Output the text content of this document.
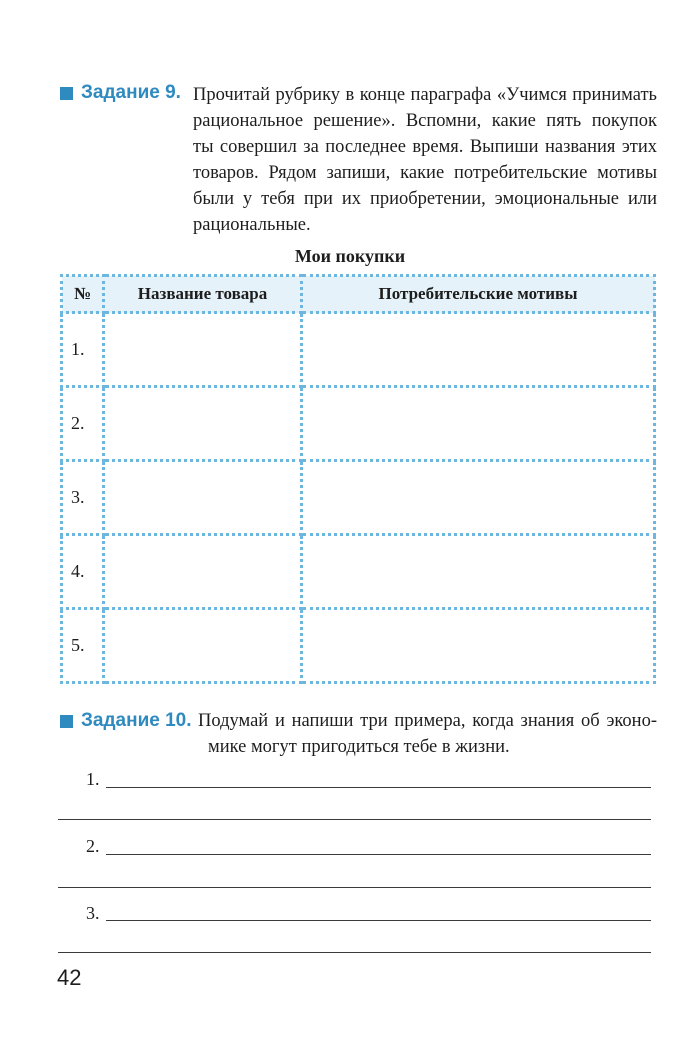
Задание 9. Прочитай рубрику в конце параграфа «Учимся принимать
рациональное решение». Вспомни, какие пять покупок
ты совершил за последнее время. Выпиши названия этих
товаров. Рядом запиши, какие потребительские мотивы
были у тебя при их приобретении, эмоциональные или
рациональные.
Мои покупки
№	Название товара	Потребительские мотивы
1.		
2.		
3.		
4.		
5.		
Задание 10. Подумай и напиши три примера, когда знания об эконо-
мике могут пригодиться тебе в жизни.
1.
2.
3.
42
